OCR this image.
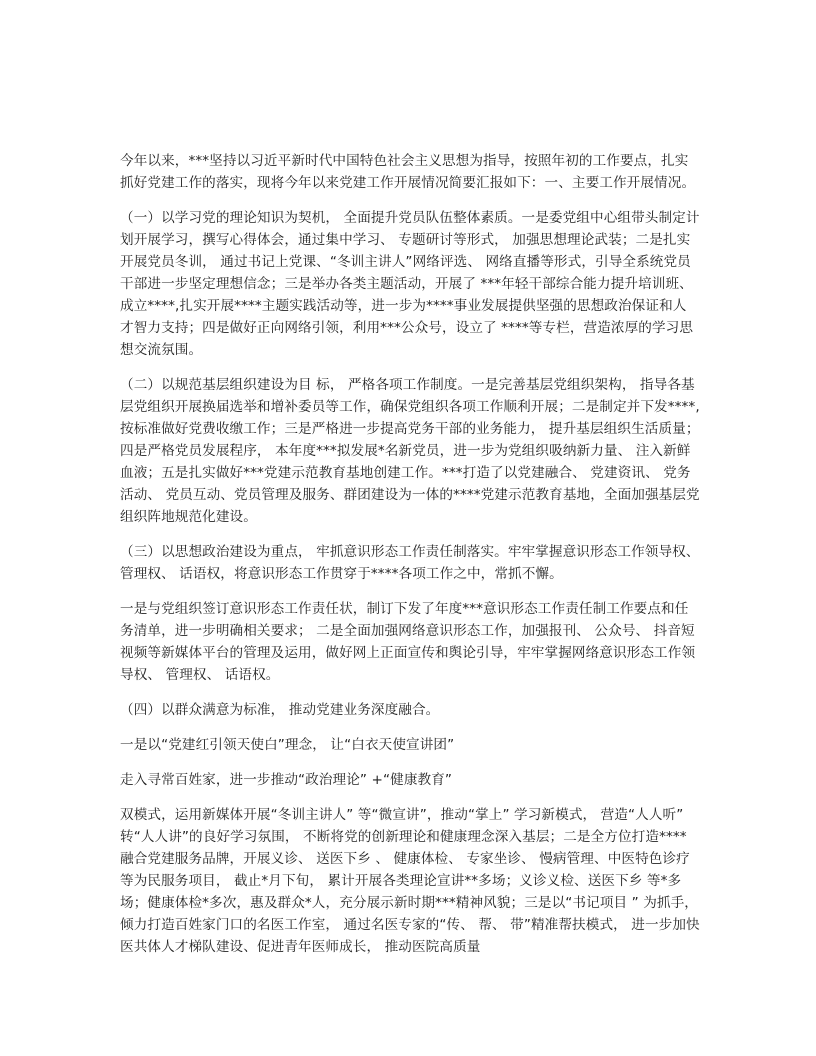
今年以来，***坚持以习近平新时代中国特色社会主义思想为指导，按照年初的工作要点，扎实抓好党建工作的落实，现将今年以来党建工作开展情况简要汇报如下：一、主要工作开展情况。

（一）以学习党的理论知识为契机， 全面提升党员队伍整体素质。一是委党组中心组带头制定计划开展学习，撰写心得体会，通过集中学习、 专题研讨等形式， 加强思想理论武装；二是扎实开展党员冬训， 通过书记上党课、“冬训主讲人”网络评选、 网络直播等形式，引导全系统党员干部进一步坚定理想信念；三是举办各类主题活动，开展了 ***年轻干部综合能力提升培训班、成立****,扎实开展****主题实践活动等，进一步为****事业发展提供坚强的思想政治保证和人才智力支持；四是做好正向网络引领，利用***公众号，设立了 ****等专栏，营造浓厚的学习思想交流氛围。

（二）以规范基层组织建设为目 标， 严格各项工作制度。一是完善基层党组织架构， 指导各基层党组织开展换届选举和增补委员等工作，确保党组织各项工作顺利开展；二是制定并下发****,按标准做好党费收缴工作；三是严格进一步提高党务干部的业务能力， 提升基层组织生活质量；四是严格党员发展程序， 本年度***拟发展*名新党员，进一步为党组织吸纳新力量、 注入新鲜血液；五是扎实做好***党建示范教育基地创建工作。***打造了以党建融合、 党建资讯、 党务活动、 党员互动、党员管理及服务、群团建设为一体的****党建示范教育基地，全面加强基层党组织阵地规范化建设。

（三）以思想政治建设为重点， 牢抓意识形态工作责任制落实。牢牢掌握意识形态工作领导权、 管理权、 话语权，将意识形态工作贯穿于****各项工作之中，常抓不懈。

一是与党组织签订意识形态工作责任状，制订下发了年度***意识形态工作责任制工作要点和任务清单，进一步明确相关要求； 二是全面加强网络意识形态工作，加强报刊、 公众号、 抖音短视频等新媒体平台的管理及运用，做好网上正面宣传和舆论引导，牢牢掌握网络意识形态工作领导权、 管理权、 话语权。

（四）以群众满意为标准， 推动党建业务深度融合。

一是以“党建红引领天使白”理念， 让“白衣天使宣讲团”

走入寻常百姓家，进一步推动“政治理论” +“健康教育”

双模式，运用新媒体开展“冬训主讲人” 等“微宣讲”，推动“掌上” 学习新模式， 营造“人人听” 转“人人讲”的良好学习氛围， 不断将党的创新理论和健康理念深入基层；二是全方位打造****融合党建服务品牌，开展义诊、 送医下乡 、 健康体检、 专家坐诊、 慢病管理、中医特色诊疗等为民服务项目， 截止*月下旬， 累计开展各类理论宣讲**多场；义诊义检、送医下乡 等*多场；健康体检*多次，惠及群众*人，充分展示新时期***精神风貌；三是以“书记项目 ” 为抓手， 倾力打造百姓家门口的名医工作室， 通过名医专家的“传、 帮、 带”精准帮扶模式， 进一步加快医共体人才梯队建设、促进青年医师成长， 推动医院高质量
